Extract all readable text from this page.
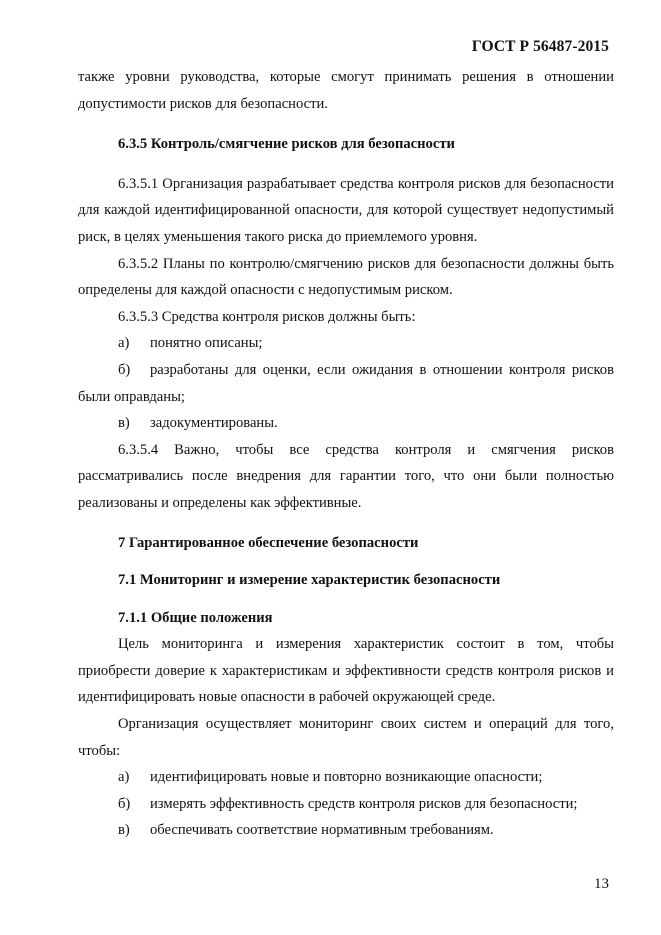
ГОСТ Р 56487-2015

также уровни руководства, которые смогут принимать решения в отношении допустимости рисков для безопасности.

6.3.5 Контроль/смягчение рисков для безопасности

6.3.5.1 Организация разрабатывает средства контроля рисков для безопасности для каждой идентифицированной опасности, для которой существует недопустимый риск, в целях уменьшения такого риска до приемлемого уровня.

6.3.5.2 Планы по контролю/смягчению рисков для безопасности должны быть определены для каждой опасности с недопустимым риском.

6.3.5.3 Средства контроля рисков должны быть:

а) понятно описаны;

б) разработаны для оценки, если ожидания в отношении контроля рисков были оправданы;

в) задокументированы.

6.3.5.4 Важно, чтобы все средства контроля и смягчения рисков рассматривались после внедрения для гарантии того, что они были полностью реализованы и определены как эффективные.

7 Гарантированное обеспечение безопасности

7.1 Мониторинг и измерение характеристик безопасности

7.1.1 Общие положения

Цель мониторинга и измерения характеристик состоит в том, чтобы приобрести доверие к характеристикам и эффективности средств контроля рисков и идентифицировать новые опасности в рабочей окружающей среде.

Организация осуществляет мониторинг своих систем и операций для того, чтобы:

а) идентифицировать новые и повторно возникающие опасности;

б) измерять эффективность средств контроля рисков для безопасности;

в) обеспечивать соответствие нормативным требованиям.

13
